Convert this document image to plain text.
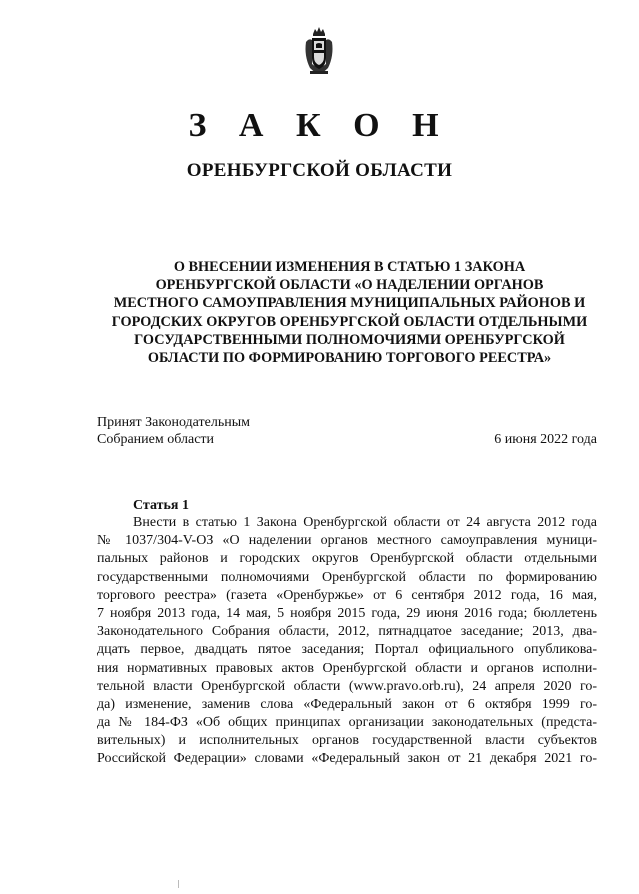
З А К О Н
ОРЕНБУРГСКОЙ ОБЛАСТИ
О ВНЕСЕНИИ ИЗМЕНЕНИЯ В СТАТЬЮ 1 ЗАКОНА
ОРЕНБУРГСКОЙ ОБЛАСТИ «О НАДЕЛЕНИИ ОРГАНОВ
МЕСТНОГО САМОУПРАВЛЕНИЯ МУНИЦИПАЛЬНЫХ РАЙОНОВ И
ГОРОДСКИХ ОКРУГОВ ОРЕНБУРГСКОЙ ОБЛАСТИ ОТДЕЛЬНЫМИ
ГОСУДАРСТВЕННЫМИ ПОЛНОМОЧИЯМИ ОРЕНБУРГСКОЙ
ОБЛАСТИ ПО ФОРМИРОВАНИЮ ТОРГОВОГО РЕЕСТРА»
Принят Законодательным
Собранием области	6 июня 2022 года
Статья 1
Внести в статью 1 Закона Оренбургской области от 24 августа 2012 года
№ 1037/304-V-ОЗ «О наделении органов местного самоуправления муници-
пальных районов и городских округов Оренбургской области отдельными
государственными полномочиями Оренбургской области по формированию
торгового реестра» (газета «Оренбуржье» от 6 сентября 2012 года, 16 мая,
7 ноября 2013 года, 14 мая, 5 ноября 2015 года, 29 июня 2016 года; бюллетень
Законодательного Собрания области, 2012, пятнадцатое заседание; 2013, два-
дцать первое, двадцать пятое заседания; Портал официального опубликова-
ния нормативных правовых актов Оренбургской области и органов исполни-
тельной власти Оренбургской области (www.pravo.orb.ru), 24 апреля 2020 го-
да) изменение, заменив слова «Федеральный закон от 6 октября 1999 го-
да № 184-ФЗ «Об общих принципах организации законодательных (предста-
вительных) и исполнительных органов государственной власти субъектов
Российской Федерации» словами «Федеральный закон от 21 декабря 2021 го-
